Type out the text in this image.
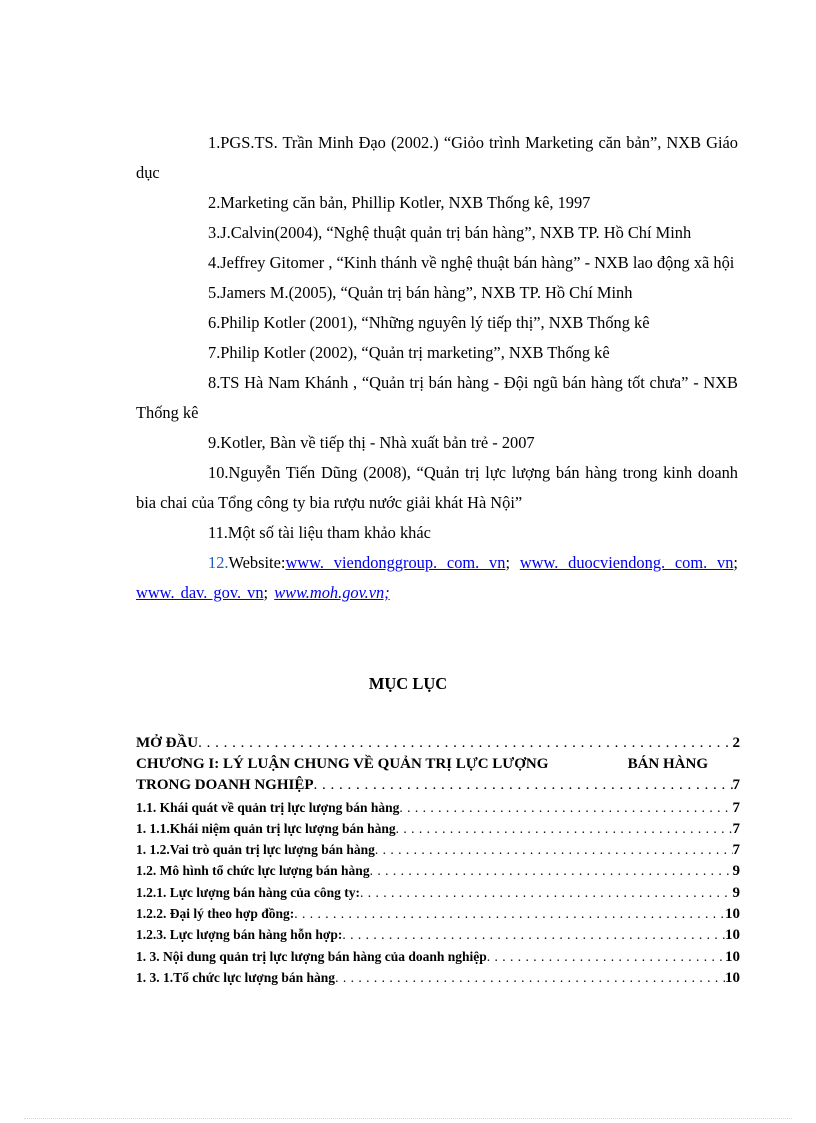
1.PGS.TS. Trần Minh Đạo (2002.) “Giỏo trình Marketing căn bản”, NXB Giáo dục

2.Marketing căn bản, Phillip Kotler, NXB Thống kê, 1997

3.J.Calvin(2004), “Nghệ thuật quản trị bán hàng”, NXB TP. Hồ Chí Minh

4.Jeffrey Gitomer , “Kinh thánh về nghệ thuật bán hàng” - NXB lao động xã hội

5.Jamers M.(2005), “Quản trị bán hàng”, NXB TP. Hồ Chí Minh

6.Philip Kotler (2001), “Những nguyên lý tiếp thị”, NXB Thống kê

7.Philip Kotler (2002), “Quản trị marketing”, NXB Thống kê

8.TS Hà Nam Khánh , “Quản trị bán hàng - Đội ngũ bán hàng tốt chưa” - NXB Thống kê

9.Kotler, Bàn về tiếp thị - Nhà xuất bản trẻ - 2007

10.Nguyễn Tiến Dũng (2008), “Quản trị lực lượng bán hàng trong kinh doanh bia chai của Tổng công ty bia rượu nước giải khát Hà Nội”

11.Một số tài liệu tham khảo khác

12.Website:www. viendonggroup. com. vn; www. duocviendong. com. vn; www. dav. gov. vn; www.moh.gov.vn;

MỤC LỤC
MỞ ĐẦU . . .	2
CHƯƠNG I: LÝ LUẬN CHUNG VỀ QUẢN TRỊ LỰC LƯỢNG	BÁN HÀNG
TRONG DOANH NGHIỆP . . .	7
1.1. Khái quát về quản trị lực lượng bán hàng . . .	7
1. 1.1.Khái niệm quản trị lực lượng bán hàng . . .	7
1. 1.2.Vai trò quản trị lực lượng bán hàng . . .	7
1.2. Mô hình tổ chức lực lượng bán hàng . . .	9
1.2.1. Lực lượng bán hàng của công ty: . . .	9
1.2.2. Đại lý theo hợp đồng: . . .	10
1.2.3. Lực lượng bán hàng hỗn hợp: . . .	10
1. 3. Nội dung quản trị lực lượng bán hàng của doanh nghiệp . . .	10
1. 3. 1.Tổ chức lực lượng bán hàng . . .	10
